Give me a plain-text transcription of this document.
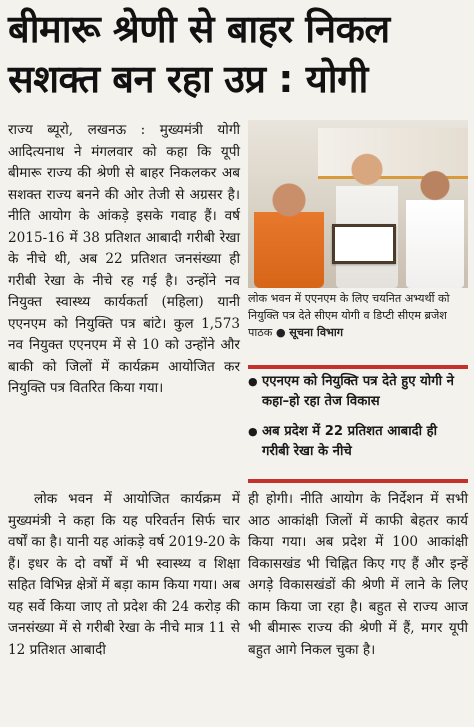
बीमारू श्रेणी से बाहर निकल
सशक्त बन रहा उप्र : योगी

राज्य ब्यूरो, लखनऊ : मुख्यमंत्री योगी आदित्यनाथ ने मंगलवार को कहा कि यूपी बीमारू राज्य की श्रेणी से बाहर निकलकर अब सशक्त राज्य बनने की ओर तेजी से अग्रसर है। नीति आयोग के आंकड़े इसके गवाह हैं। वर्ष 2015-16 में 38 प्रतिशत आबादी गरीबी रेखा के नीचे थी, अब 22 प्रतिशत जनसंख्या ही गरीबी रेखा के नीचे रह गई है। उन्होंने नव नियुक्त स्वास्थ्य कार्यकर्ता (महिला) यानी एएनएम को नियुक्ति पत्र बांटे। कुल 1,573 नव नियुक्त एएनएम में से 10 को उन्होंने और बाकी को जिलों में कार्यक्रम आयोजित कर नियुक्ति पत्र वितरित किया गया।

लोक भवन में एएनएम के लिए चयनित अभ्यर्थी को नियुक्ति पत्र देते सीएम योगी व डिप्टी सीएम ब्रजेश पाठक ● सूचना विभाग
● एएनएम को नियुक्ति पत्र देते हुए योगी ने कहा–हो रहा तेज विकास
● अब प्रदेश में 22 प्रतिशत आबादी ही गरीबी रेखा के नीचे

लोक भवन में आयोजित कार्यक्रम में मुख्यमंत्री ने कहा कि यह परिवर्तन सिर्फ चार वर्षों का है। यानी यह आंकड़े वर्ष 2019-20 के हैं। इधर के दो वर्षों में भी स्वास्थ्य व शिक्षा सहित विभिन्न क्षेत्रों में बड़ा काम किया गया। अब यह सर्वे किया जाए तो प्रदेश की 24 करोड़ की जनसंख्या में से गरीबी रेखा के नीचे मात्र 11 से 12 प्रतिशत आबादी

ही होगी। नीति आयोग के निर्देशन में सभी आठ आकांक्षी जिलों में काफी बेहतर कार्य किया गया। अब प्रदेश में 100 आकांक्षी विकासखंड भी चिह्नित किए गए हैं और इन्हें अगड़े विकासखंडों की श्रेणी में लाने के लिए काम किया जा रहा है। बहुत से राज्य आज भी बीमारू राज्य की श्रेणी में हैं, मगर यूपी बहुत आगे निकल चुका है।
